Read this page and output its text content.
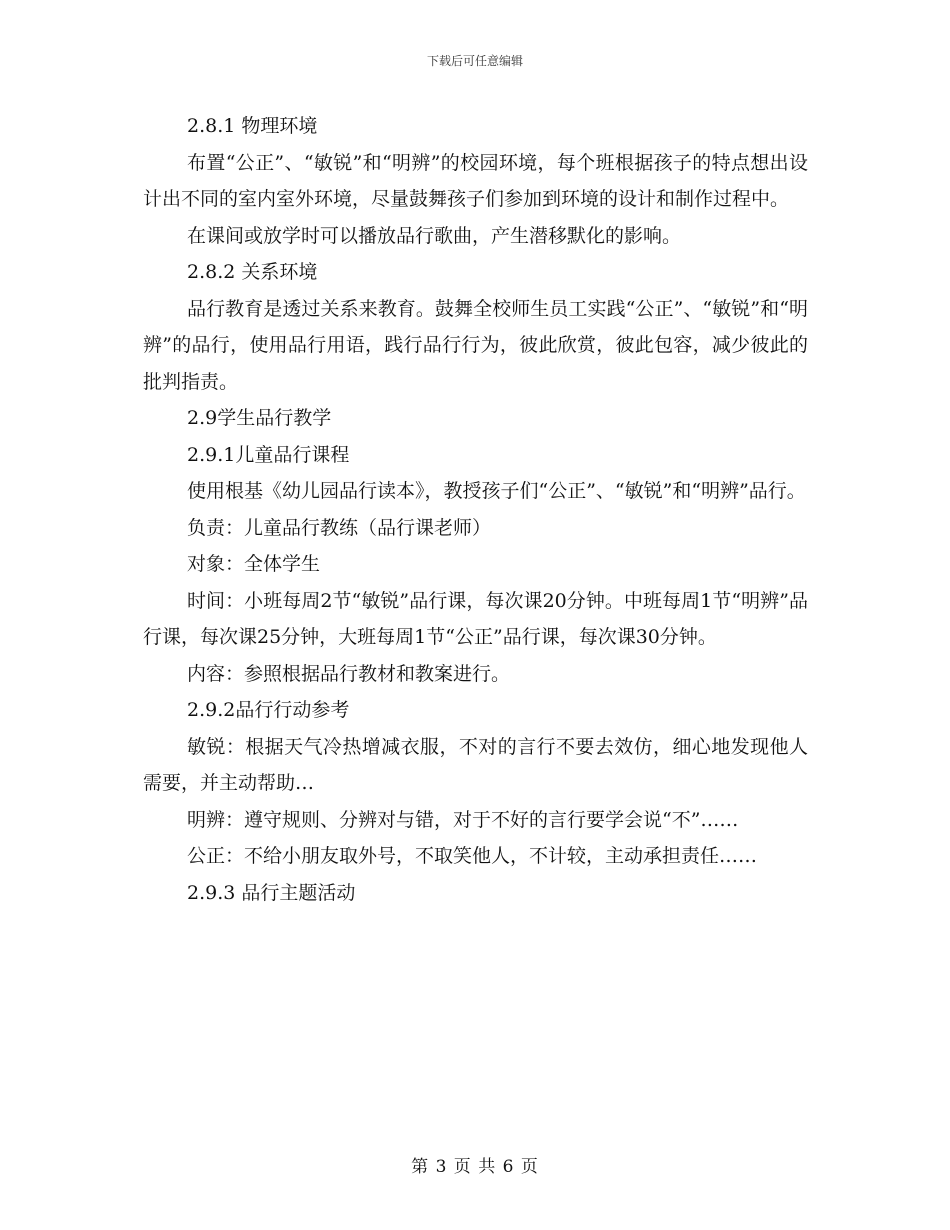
下载后可任意编辑

2.8.1 物理环境

布置“公正”、“敏锐”和“明辨”的校园环境，每个班根据孩子的特点想出设计出不同的室内室外环境，尽量鼓舞孩子们参加到环境的设计和制作过程中。

在课间或放学时可以播放品行歌曲，产生潜移默化的影响。

2.8.2 关系环境

品行教育是透过关系来教育。鼓舞全校师生员工实践“公正”、“敏锐”和“明辨”的品行，使用品行用语，践行品行行为，彼此欣赏，彼此包容，减少彼此的批判指责。

2.9学生品行教学

2.9.1儿童品行课程

使用根基《幼儿园品行读本》，教授孩子们“公正”、“敏锐”和“明辨”品行。

负责：儿童品行教练（品行课老师）

对象：全体学生

时间：小班每周2节“敏锐”品行课，每次课20分钟。中班每周1节“明辨”品行课，每次课25分钟，大班每周1节“公正”品行课，每次课30分钟。

内容：参照根据品行教材和教案进行。

2.9.2品行行动参考

敏锐：根据天气冷热增减衣服，不对的言行不要去效仿，细心地发现他人需要，并主动帮助…

明辨：遵守规则、分辨对与错，对于不好的言行要学会说“不”……

公正：不给小朋友取外号，不取笑他人，不计较，主动承担责任……

2.9.3 品行主题活动

第 3 页 共 6 页
